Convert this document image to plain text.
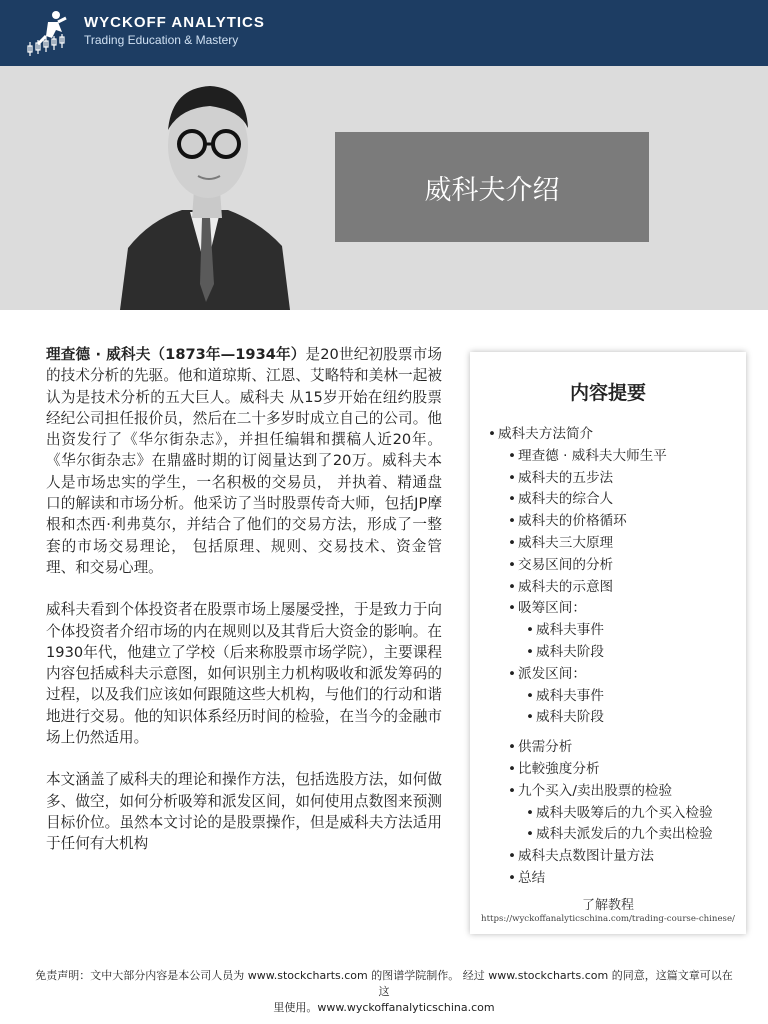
WYCKOFF ANALYTICS
Trading Education & Mastery
威科夫介绍

理查德 · 威科夫（1873年—1934年）是20世纪初股票市场的技术分析的先驱。他和道琼斯、江恩、艾略特和美林一起被认为是技术分析的五大巨人。威科夫 从15岁开始在纽约股票经纪公司担任报价员，然后在二十多岁时成立自己的公司。他出资发行了《华尔街杂志》，并担任编辑和撰稿人近20年。《华尔街杂志》在鼎盛时期的订阅量达到了20万。威科夫本人是市场忠实的学生，一名积极的交易员， 并执着、精通盘口的解读和市场分析。他采访了当时股票传奇大师，包括JP摩根和杰西·利弗莫尔，并结合了他们的交易方法，形成了一整套的市场交易理论， 包括原理、规则、交易技术、资金管理、和交易心理。

威科夫看到个体投资者在股票市场上屡屡受挫，于是致力于向个体投资者介绍市场的内在规则以及其背后大资金的影响。在1930年代，他建立了学校（后来称股票市场学院），主要课程内容包括威科夫示意图，如何识别主力机构吸收和派发筹码的过程，以及我们应该如何跟随这些大机构，与他们的行动和谐地进行交易。他的知识体系经历时间的检验，在当今的金融市场上仍然适用。

本文涵盖了威科夫的理论和操作方法，包括选股方法，如何做多、做空，如何分析吸筹和派发区间，如何使用点数图来预测目标价位。虽然本文讨论的是股票操作，但是威科夫方法适用于任何有大机构

内容提要
• 威科夫方法简介
• 理查德 · 威科夫大师生平
• 威科夫的五步法
• 威科夫的综合人
• 威科夫的价格循环
• 威科夫三大原理
• 交易区间的分析
• 威科夫的示意图
• 吸筹区间：
• 威科夫事件
• 威科夫阶段
• 派发区间：
• 威科夫事件
• 威科夫阶段
• 供需分析
• 比較強度分析
• 九个买入/卖出股票的检验
• 威科夫吸筹后的九个买入检验
• 威科夫派发后的九个卖出检验
• 威科夫点数图计量方法
• 总结
了解教程
https://wyckoffanalyticschina.com/trading-course-chinese/
免责声明：文中大部分内容是本公司人员为 www.stockcharts.com 的图谱学院制作。 经过 www.stockcharts.com 的同意，这篇文章可以在这
里使用。www.wyckoffanalyticschina.com
